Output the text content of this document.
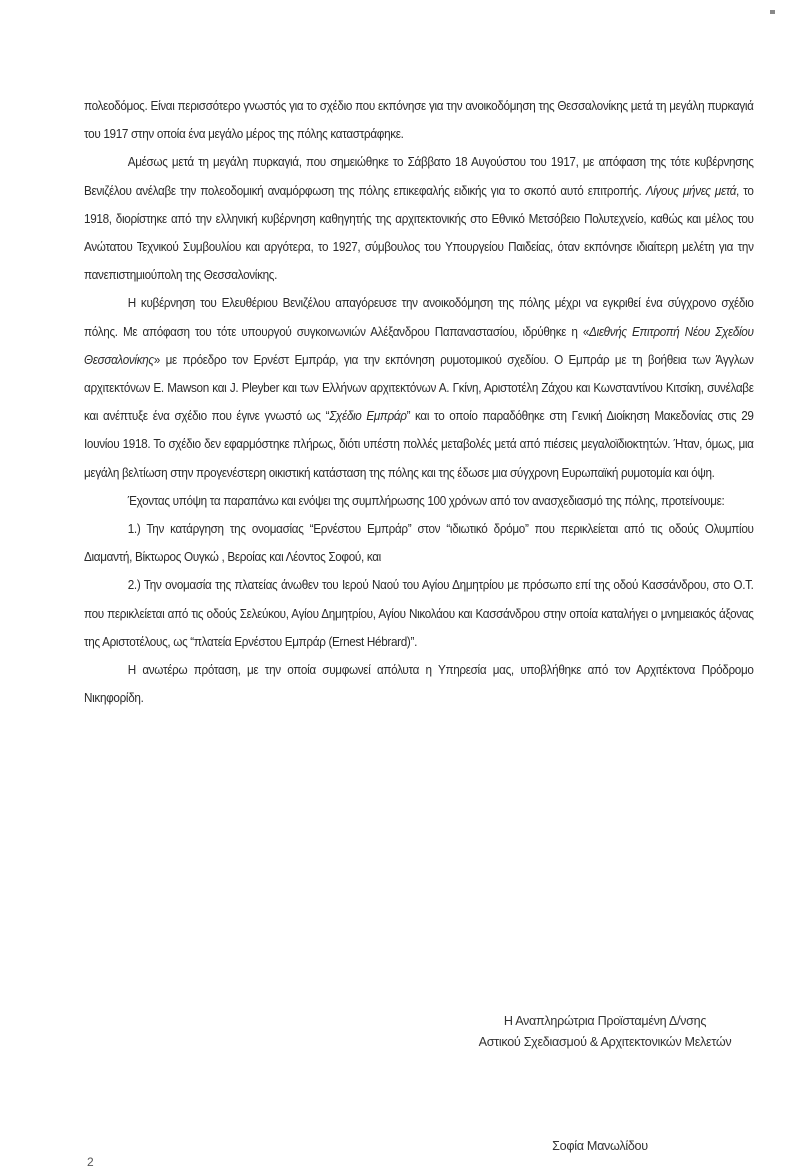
πολεοδόμος. Είναι περισσότερο γνωστός για το σχέδιο που εκπόνησε για την ανοικοδόμηση της Θεσσαλονίκης μετά τη μεγάλη πυρκαγιά του 1917 στην οποία ένα μεγάλο μέρος της πόλης καταστράφηκε.

Αμέσως μετά τη μεγάλη πυρκαγιά, που σημειώθηκε το Σάββατο 18 Αυγούστου του 1917, με απόφαση της τότε κυβέρνησης Βενιζέλου ανέλαβε την πολεοδομική αναμόρφωση της πόλης επικεφαλής ειδικής για το σκοπό αυτό επιτροπής. Λίγους μήνες μετά, το 1918, διορίστηκε από την ελληνική κυβέρνηση καθηγητής της αρχιτεκτονικής στο Εθνικό Μετσόβειο Πολυτεχνείο, καθώς και μέλος του Ανώτατου Τεχνικού Συμβουλίου και αργότερα, το 1927, σύμβουλος του Υπουργείου Παιδείας, όταν εκπόνησε ιδιαίτερη μελέτη για την πανεπιστημιούπολη της Θεσσαλονίκης.

Η κυβέρνηση του Ελευθέριου Βενιζέλου απαγόρευσε την ανοικοδόμηση της πόλης μέχρι να εγκριθεί ένα σύγχρονο σχέδιο πόλης. Με απόφαση του τότε υπουργού συγκοινωνιών Αλέξανδρου Παπαναστασίου, ιδρύθηκε η «Διεθνής Επιτροπή Νέου Σχεδίου Θεσσαλονίκης» με πρόεδρο τον Ερνέστ Εμπράρ, για την εκπόνηση ρυμοτομικού σχεδίου. Ο Εμπράρ με τη βοήθεια των Άγγλων αρχιτεκτόνων E. Mawson και J. Pleyber και των Ελλήνων αρχιτεκτόνων Α. Γκίνη, Αριστοτέλη Ζάχου και Κωνσταντίνου Κιτσίκη, συνέλαβε και ανέπτυξε ένα σχέδιο που έγινε γνωστό ως “Σχέδιο Εμπράρ” και το οποίο παραδόθηκε στη Γενική Διοίκηση Μακεδονίας στις 29 Ιουνίου 1918. Το σχέδιο δεν εφαρμόστηκε πλήρως, διότι υπέστη πολλές μεταβολές μετά από πιέσεις μεγαλοϊδιοκτητών. Ήταν, όμως, μια μεγάλη βελτίωση στην προγενέστερη οικιστική κατάσταση της πόλης και της έδωσε μια σύγχρονη Ευρωπαϊκή ρυμοτομία και όψη.

Έχοντας υπόψη τα παραπάνω και ενόψει της συμπλήρωσης 100 χρόνων από τον ανασχεδιασμό της πόλης, προτείνουμε:

1.) Την κατάργηση της ονομασίας “Ερνέστου Εμπράρ” στον “ιδιωτικό δρόμο” που περικλείεται από τις οδούς Ολυμπίου Διαμαντή, Βίκτωρος Ουγκώ , Βεροίας και Λέοντος Σοφού, και

2.) Την ονομασία της πλατείας άνωθεν του Ιερού Ναού του Αγίου Δημητρίου με πρόσωπο επί της οδού Κασσάνδρου, στο Ο.Τ. που περικλείεται από τις οδούς Σελεύκου, Αγίου Δημητρίου, Αγίου Νικολάου και Κασσάνδρου στην οποία καταλήγει ο μνημειακός άξονας της Αριστοτέλους, ως “πλατεία Ερνέστου Εμπράρ (Ernest Hébrard)”.

Η ανωτέρω πρόταση, με την οποία συμφωνεί απόλυτα η Υπηρεσία μας, υποβλήθηκε από τον Αρχιτέκτονα Πρόδρομο Νικηφορίδη.

Η Αναπληρώτρια Προϊσταμένη Δ/νσης
Αστικού Σχεδιασμού & Αρχιτεκτονικών Μελετών
Σοφία Μανωλίδου
2
